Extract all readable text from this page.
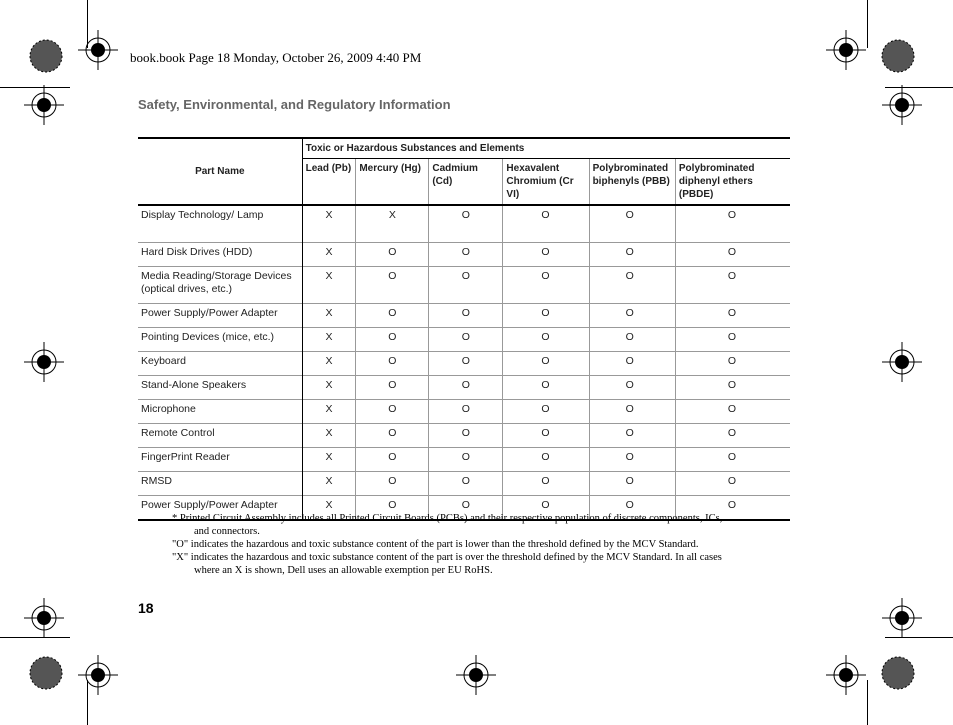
book.book Page 18 Monday, October 26, 2009 4:40 PM
Safety, Environmental, and Regulatory Information
Part Name	Toxic or Hazardous Substances and Elements					
	Lead (Pb)	Mercury (Hg)	Cadmium (Cd)	Hexavalent Chromium (Cr VI)	Polybrominated biphenyls (PBB)	Polybrominated diphenyl ethers (PBDE)
Display Technology/ Lamp	X	X	O	O	O	O
Hard Disk Drives (HDD)	X	O	O	O	O	O
Media Reading/Storage Devices (optical drives, etc.)	X	O	O	O	O	O
Power Supply/Power Adapter	X	O	O	O	O	O
Pointing Devices (mice, etc.)	X	O	O	O	O	O
Keyboard	X	O	O	O	O	O
Stand-Alone Speakers	X	O	O	O	O	O
Microphone	X	O	O	O	O	O
Remote Control	X	O	O	O	O	O
FingerPrint Reader	X	O	O	O	O	O
RMSD	X	O	O	O	O	O
Power Supply/Power Adapter	X	O	O	O	O	O
* Printed Circuit Assembly includes all Printed Circuit Boards (PCBs) and their respective population of discrete components, ICs,
and connectors.
"O" indicates the hazardous and toxic substance content of the part is lower than the threshold defined by the MCV Standard.
"X" indicates the hazardous and toxic substance content of the part is over the threshold defined by the MCV Standard. In all cases
where an X is shown, Dell uses an allowable exemption per EU RoHS.
18
